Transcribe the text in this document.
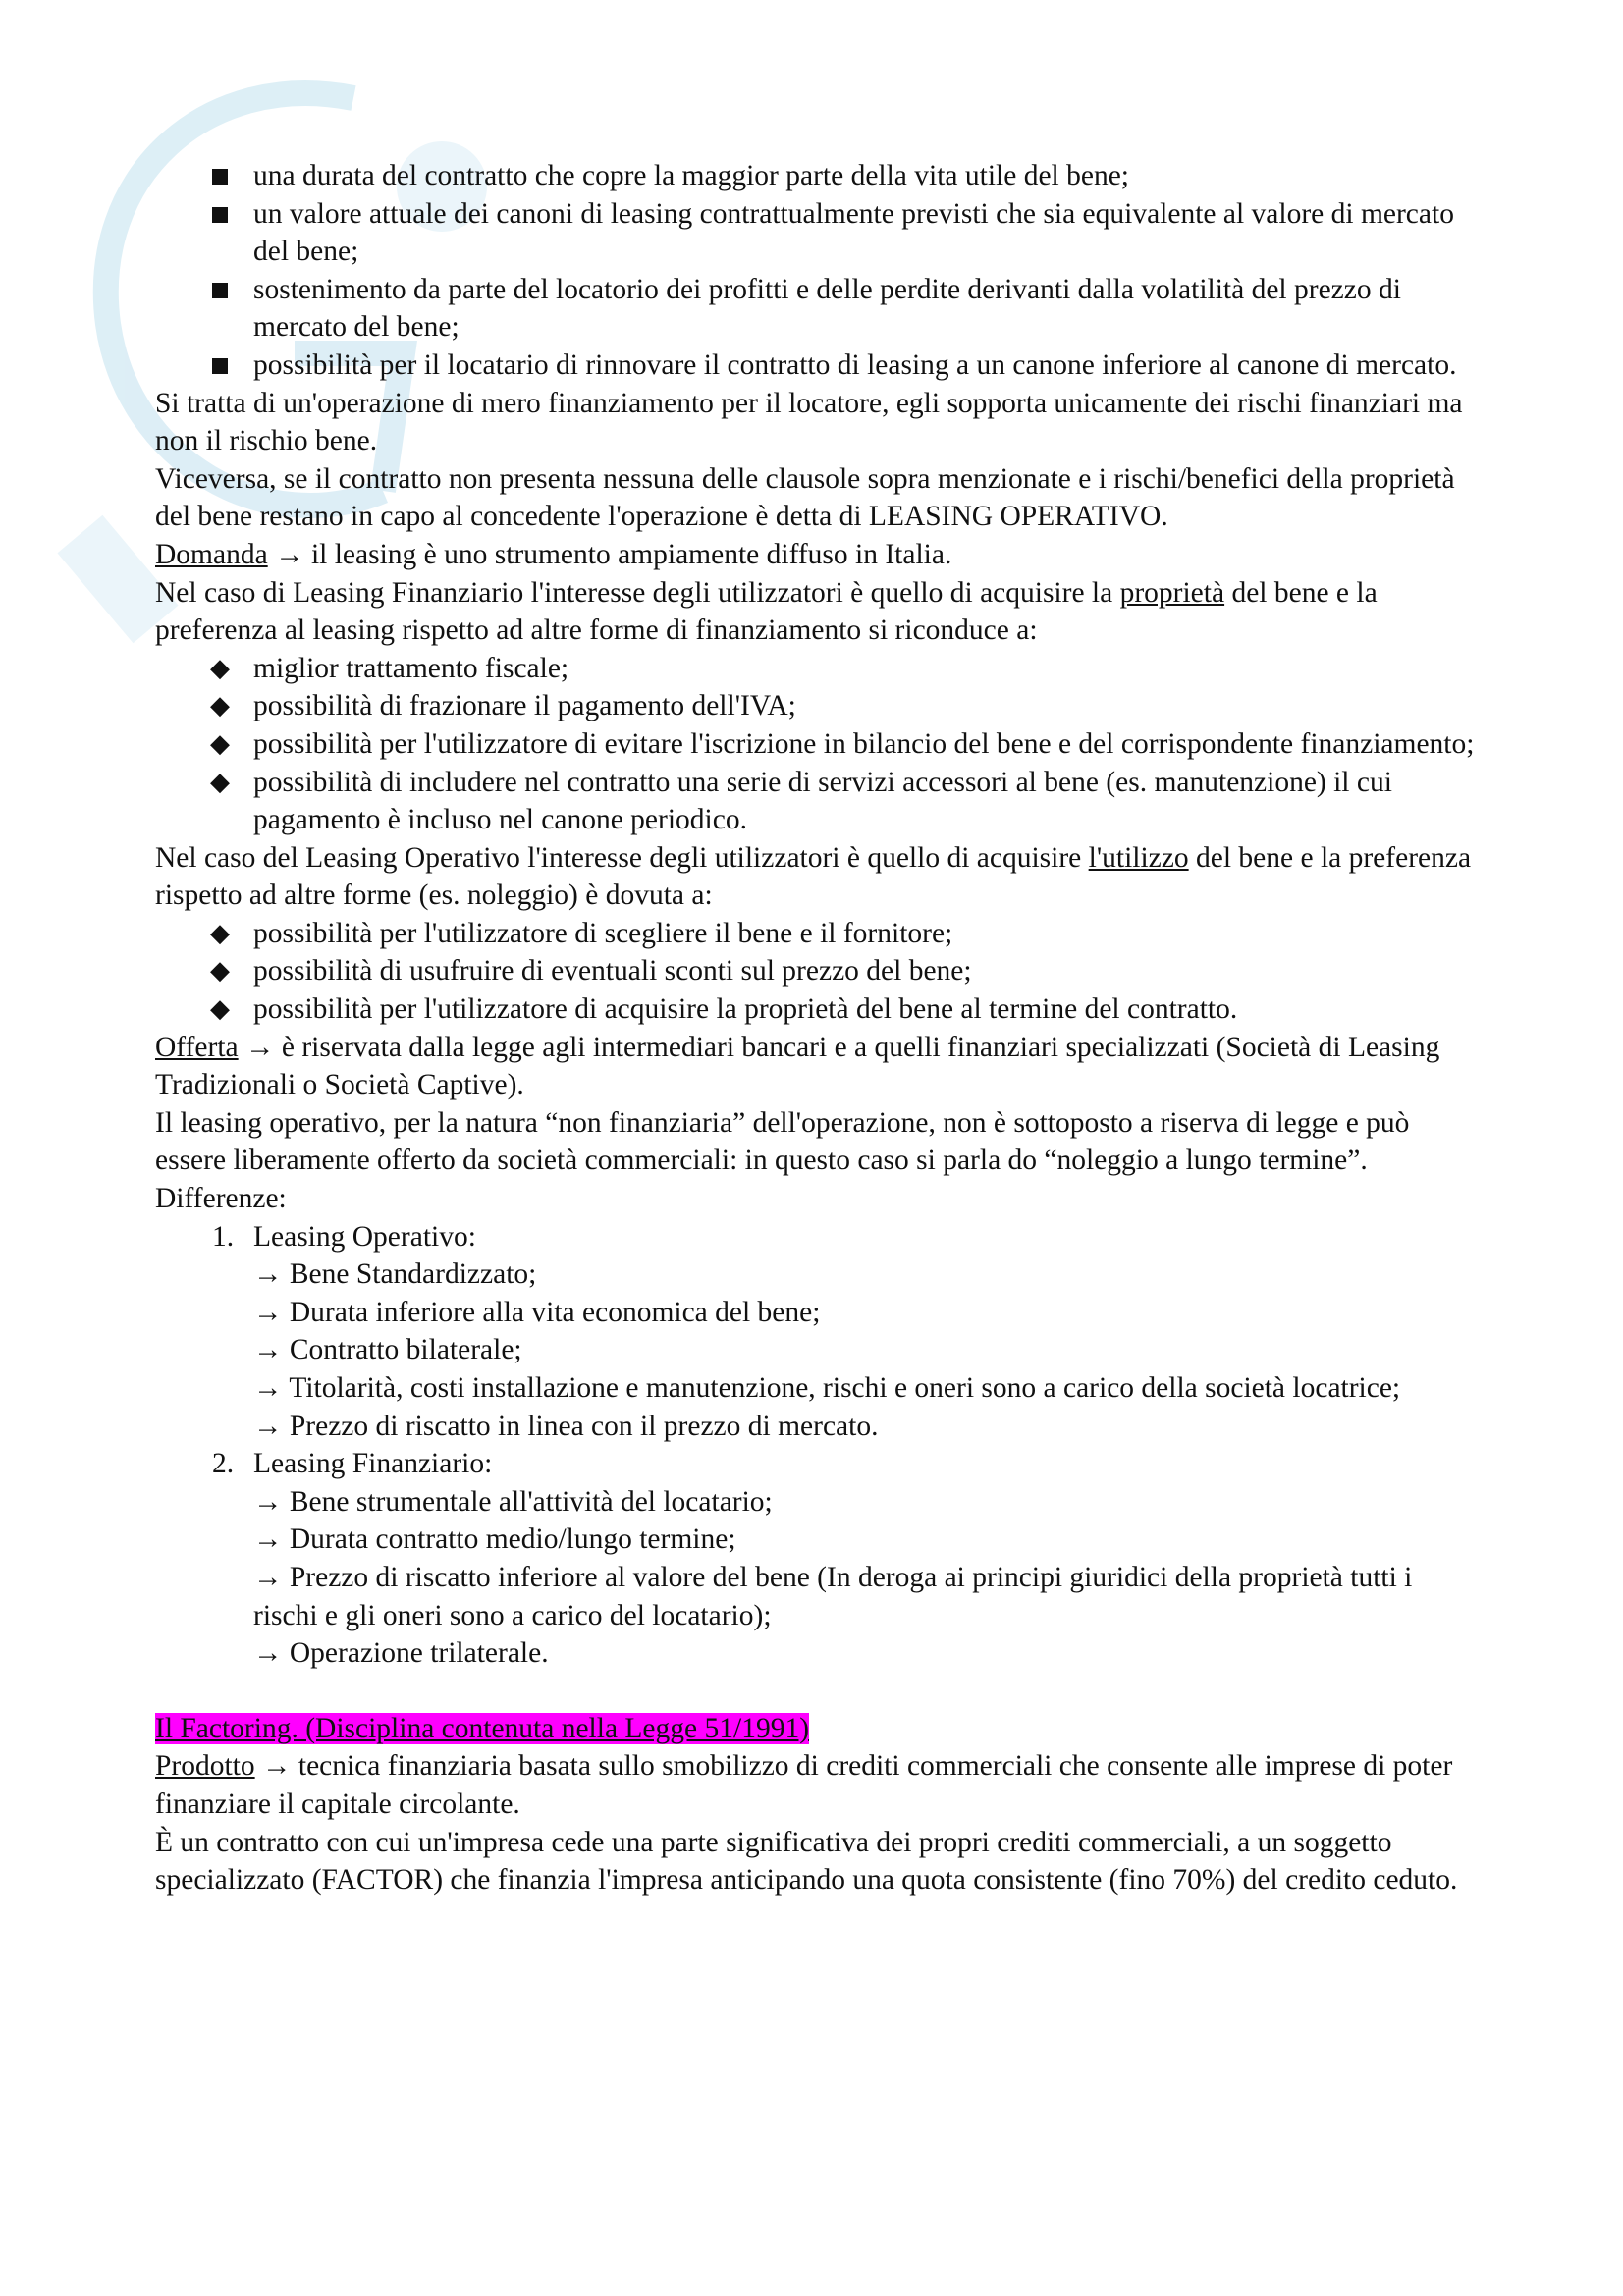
una durata del contratto che copre la maggior parte della vita utile del bene;
un valore attuale dei canoni di leasing contrattualmente previsti che sia equivalente al valore di mercato del bene;
sostenimento da parte del locatorio dei profitti e delle perdite derivanti dalla volatilità del prezzo di mercato del bene;
possibilità per il locatario di rinnovare il contratto di leasing a un canone inferiore al canone di mercato.

Si tratta di un'operazione di mero finanziamento per il locatore, egli sopporta unicamente dei rischi finanziari ma non il rischio bene.

Viceversa, se il contratto non presenta nessuna delle clausole sopra menzionate e i rischi/benefici della proprietà del bene restano in capo al concedente l'operazione è detta di LEASING OPERATIVO.

Domanda → il leasing è uno strumento ampiamente diffuso in Italia.

Nel caso di Leasing Finanziario l'interesse degli utilizzatori è quello di acquisire la proprietà del bene e la preferenza al leasing rispetto ad altre forme di finanziamento si riconduce a:

◆ miglior trattamento fiscale;
◆ possibilità di frazionare il pagamento dell'IVA;
◆ possibilità per l'utilizzatore di evitare l'iscrizione in bilancio del bene e del corrispondente finanziamento;
◆ possibilità di includere nel contratto una serie di servizi accessori al bene (es. manutenzione) il cui pagamento è incluso nel canone periodico.

Nel caso del Leasing Operativo l'interesse degli utilizzatori è quello di acquisire l'utilizzo del bene e la preferenza rispetto ad altre forme (es. noleggio) è dovuta a:

◆ possibilità per l'utilizzatore di scegliere il bene e il fornitore;
◆ possibilità di usufruire di eventuali sconti sul prezzo del bene;
◆ possibilità per l'utilizzatore di acquisire la proprietà del bene al termine del contratto.

Offerta → è riservata dalla legge agli intermediari bancari e a quelli finanziari specializzati (Società di Leasing Tradizionali o Società Captive).

Il leasing operativo, per la natura “non finanziaria” dell'operazione, non è sottoposto a riserva di legge e può essere liberamente offerto da società commerciali: in questo caso si parla do “noleggio a lungo termine”.

Differenze:

1. Leasing Operativo:
→ Bene Standardizzato;
→ Durata inferiore alla vita economica del bene;
→ Contratto bilaterale;
→ Titolarità, costi installazione e manutenzione, rischi e oneri sono a carico della società locatrice;
→ Prezzo di riscatto in linea con il prezzo di mercato.
2. Leasing Finanziario:
→ Bene strumentale all'attività del locatario;
→ Durata contratto medio/lungo termine;
→ Prezzo di riscatto inferiore al valore del bene (In deroga ai principi giuridici della proprietà tutti i rischi e gli oneri sono a carico del locatario);
→ Operazione trilaterale.

Il Factoring. (Disciplina contenuta nella Legge 51/1991)

Prodotto → tecnica finanziaria basata sullo smobilizzo di crediti commerciali che consente alle imprese di poter finanziare il capitale circolante.

È un contratto con cui un'impresa cede una parte significativa dei propri crediti commerciali, a un soggetto specializzato (FACTOR) che finanzia l'impresa anticipando una quota consistente (fino 70%) del credito ceduto.
